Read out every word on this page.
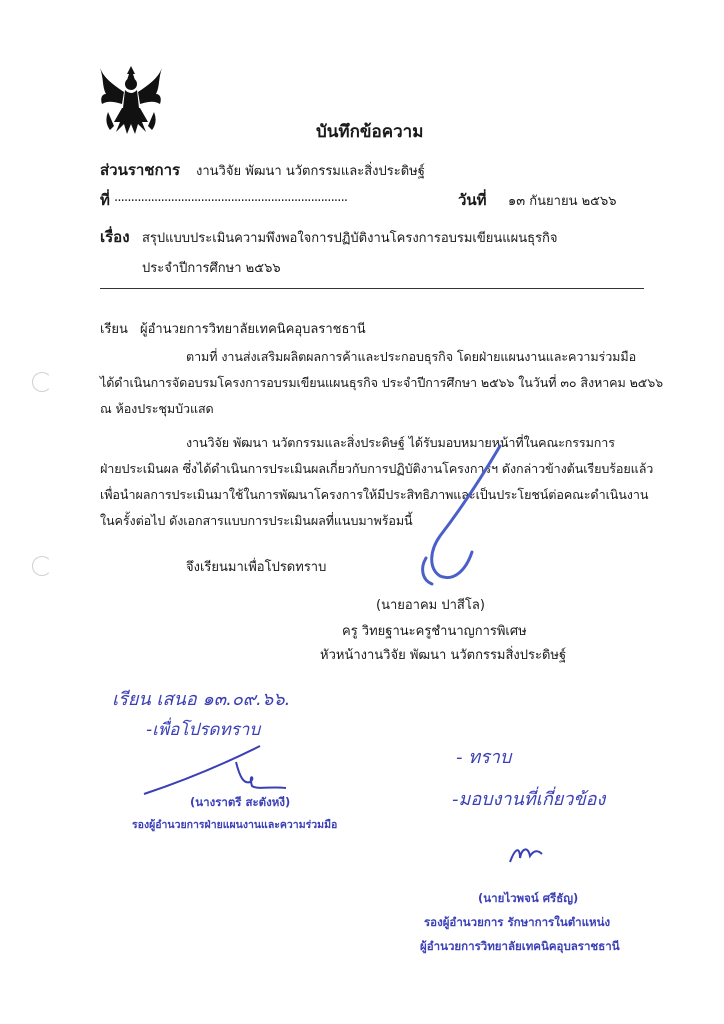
บันทึกข้อความ
ส่วนราชการ งานวิจัย พัฒนา นวัตกรรมและสิ่งประดิษฐ์
ที่ ......................................................................	วันที่ ๑๓ กันยายน ๒๕๖๖
เรื่อง สรุปแบบประเมินความพึงพอใจการปฏิบัติงานโครงการอบรมเขียนแผนธุรกิจ
ประจำปีการศึกษา ๒๕๖๖
เรียน ผู้อำนวยการวิทยาลัยเทคนิคอุบลราชธานี
ตามที่ งานส่งเสริมผลิตผลการค้าและประกอบธุรกิจ โดยฝ่ายแผนงานและความร่วมมือ
ได้ดำเนินการจัดอบรมโครงการอบรมเขียนแผนธุรกิจ ประจำปีการศึกษา ๒๕๖๖ ในวันที่ ๓๐ สิงหาคม ๒๕๖๖
ณ ห้องประชุมบัวแสด
งานวิจัย พัฒนา นวัตกรรมและสิ่งประดิษฐ์ ได้รับมอบหมายหน้าที่ในคณะกรรมการ
ฝ่ายประเมินผล ซึ่งได้ดำเนินการประเมินผลเกี่ยวกับการปฏิบัติงานโครงการฯ ดังกล่าวข้างต้นเรียบร้อยแล้ว
เพื่อนำผลการประเมินมาใช้ในการพัฒนาโครงการให้มีประสิทธิภาพและเป็นประโยชน์ต่อคณะดำเนินงาน
ในครั้งต่อไป ดังเอกสารแบบการประเมินผลที่แนบมาพร้อมนี้
จึงเรียนมาเพื่อโปรดทราบ
(นายอาคม ปาสีโล)
ครู วิทยฐานะครูชำนาญการพิเศษ
หัวหน้างานวิจัย พัฒนา นวัตกรรมสิ่งประดิษฐ์
เรียน เสนอ ๑๓.๐๙.๖๖.
-เพื่อโปรดทราบ
(นางราตรี สะตังหงี)
รองผู้อำนวยการฝ่ายแผนงานและความร่วมมือ
- ทราบ
-มอบงานที่เกี่ยวข้อง
(นายไวพจน์ ศรีธัญ)
รองผู้อำนวยการ รักษาการในตำแหน่ง
ผู้อำนวยการวิทยาลัยเทคนิคอุบลราชธานี
